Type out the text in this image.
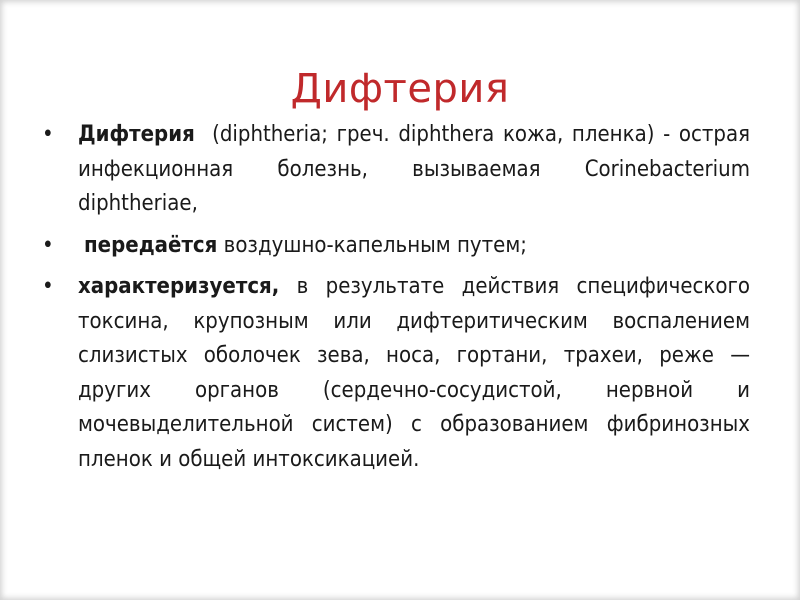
Дифтерия
• Дифтерия  (diphtheria; греч. diphthera кожа, пленка) - острая инфекционная болезнь, вызываемая Corinebacterium diphtheriae,
• передаётся воздушно-капельным путем;
• характеризуется, в результате действия специфического токсина, крупозным или дифтеритическим воспалением слизистых оболочек зева, носа, гортани, трахеи, реже — других органов (сердечно-сосудистой, нервной и мочевыделительной систем) с образованием фибринозных пленок и общей интоксикацией.
